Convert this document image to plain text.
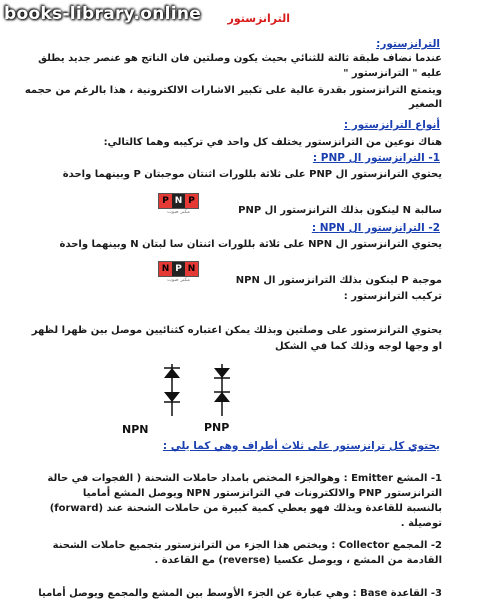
books-library.online الترانزستور
الترانزستور:
عندما نضاف طبقة ثالثة للثنائي بحيث يكون وصلتين فان الناتج هو عنصر جديد يطلق
عليه " الترانزستور "
ويتمتع الترانزستور بقدرة عالية على تكبير الاشارات الالكترونية ، هذا بالرغم من حجمه
الصغير
أنواع الترانزستور :
هناك نوعين من الترانزستور يختلف كل واحد في تركيبه وهما كالتالي:
1- الترانزستور ال PNP :
يحتوي الترانزستور ال PNP على ثلاثة بللورات اثنتان موجبتان P وبينهما واحدة
P N P
مكبر صوت	سالبة N لينكون بذلك الترانزستور ال PNP
2- الترانزستور ال NPN :
يحتوي الترانزستور ال NPN على ثلاثة بللورات اثنتان سا لبتان N وبينهما واحدة
N P N
مكبر صوت	موجبة P لينكون بذلك الترانزستور ال NPN
تركيب الترانزستور :
يحتوي الترانزستور على وصلتين وبذلك يمكن اعتباره كثنائيين موصل بين ظهرا لظهر
او وجها لوجه وذلك كما في الشكل
NPN	PNP
يحتوي كل ترانزستور على ثلاث أطراف وهي كما يلي :
1- المشع Emitter : وهوالجزء المختص بامداد حاملات الشحنة ( الفجوات في حالة
الترانزستور PNP والالكترونات في الترانزستور NPN ويوصل المشع أماميا
(forward) بالنسبة للقاعدة وبذلك فهو يعطي كمية كبيرة من حاملات الشحنة عند
توصيلة .
2- المجمع Collector : ويختص هذا الجزء من الترانزستور بتجميع حاملات الشحنة
القادمة من المشع ، ويوصل عكسيا (reverse) مع القاعدة .
3- القاعدة Base : وهي عبارة عن الجزء الأوسط بين المشع والمجمع ويوصل أماميا
